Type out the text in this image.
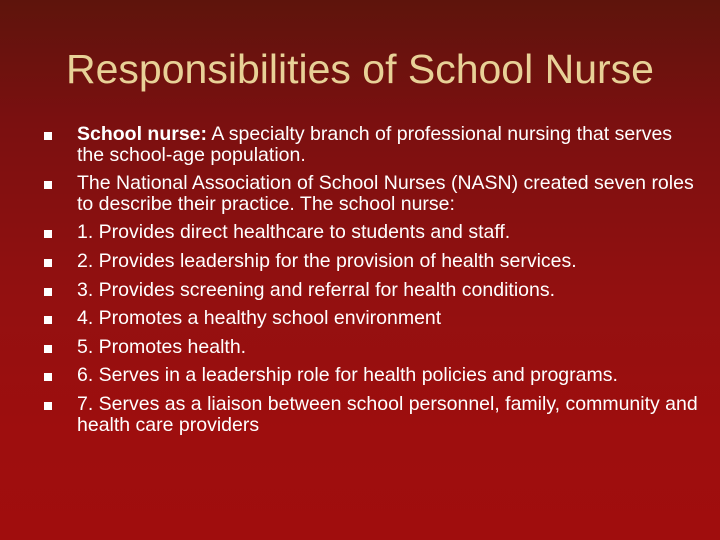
Responsibilities of School Nurse
School nurse: A specialty branch of professional nursing that serves the school-age population.
The National Association of School Nurses (NASN) created seven roles to describe their practice. The school nurse:
1. Provides direct healthcare to students and staff.
2. Provides leadership for the provision of health services.
3. Provides screening and referral for health conditions.
4. Promotes a healthy school environment
5. Promotes health.
6. Serves in a leadership role for health policies and programs.
7. Serves as a liaison between school personnel, family, community and health care providers
